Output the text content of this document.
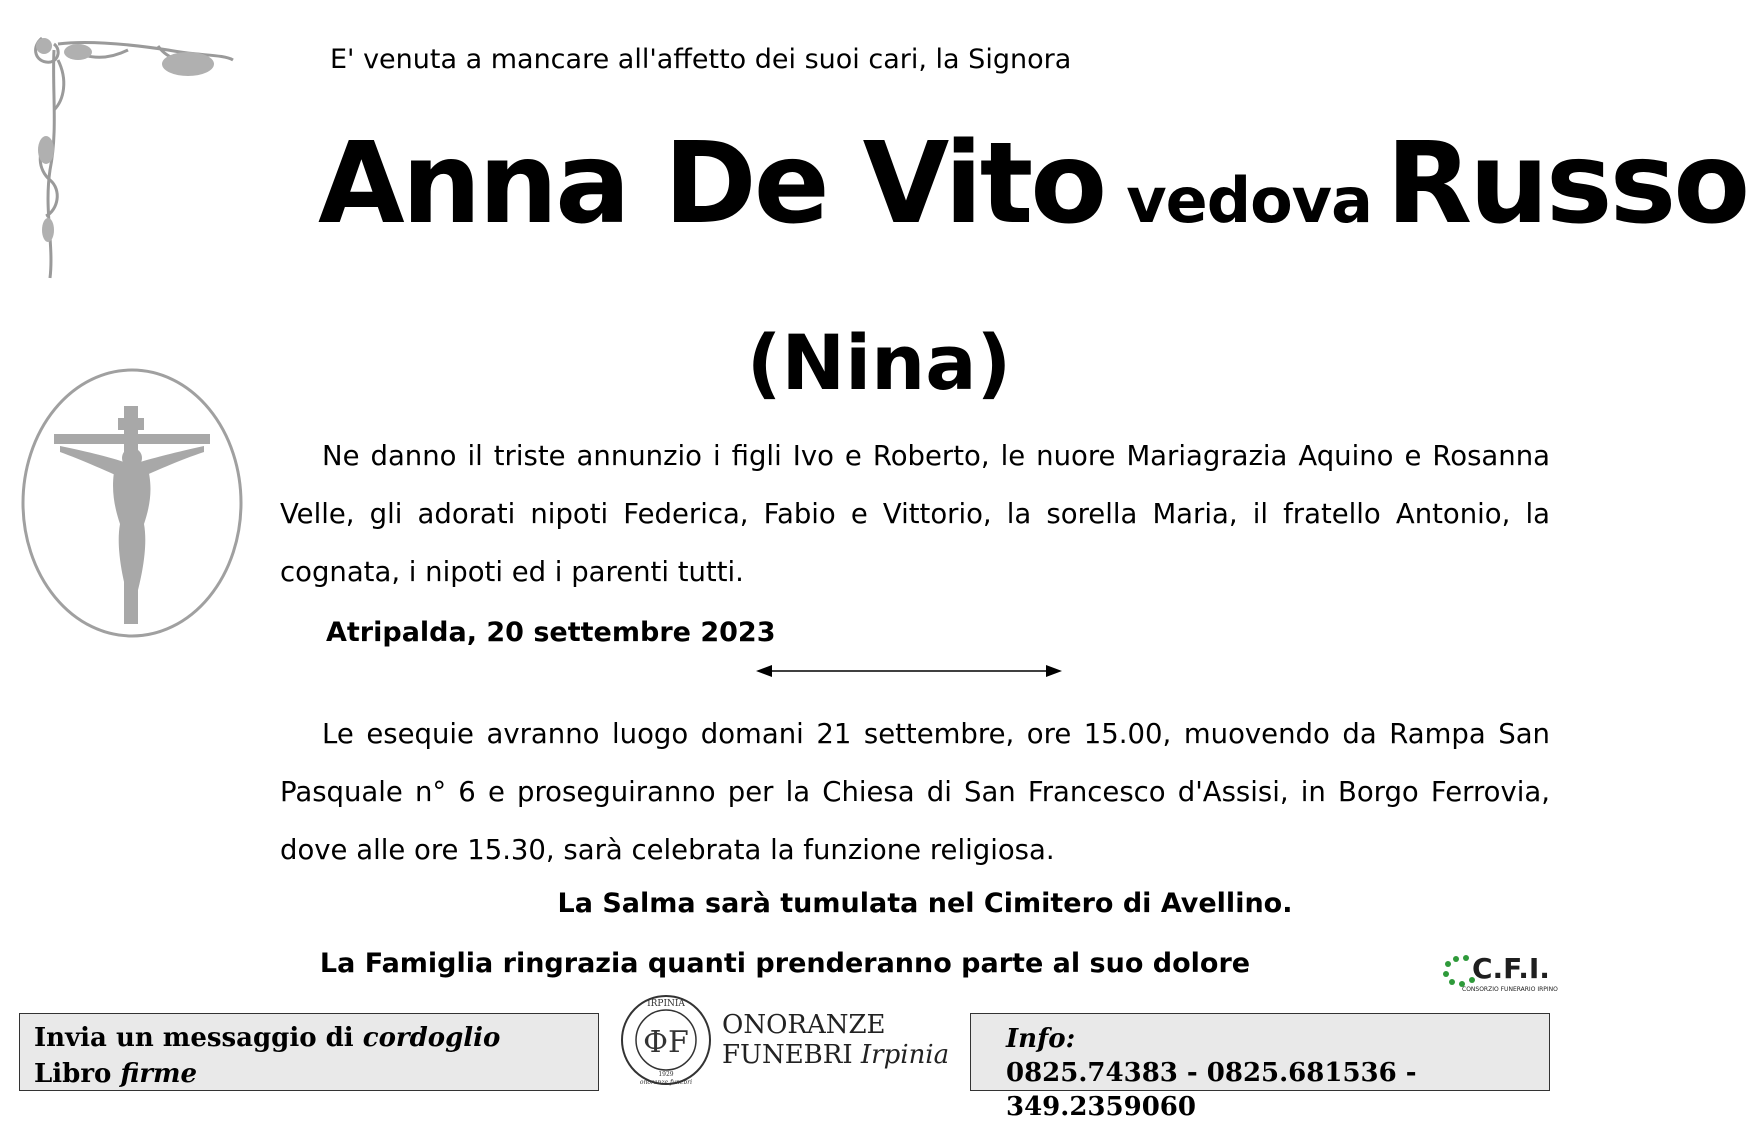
E' venuta a mancare all'affetto dei suoi cari, la Signora
Anna De Vito vedova Russo
(Nina)
Ne danno il triste annunzio i figli Ivo e Roberto, le nuore Mariagrazia Aquino e Rosanna Velle, gli adorati nipoti Federica, Fabio e Vittorio, la sorella Maria, il fratello Antonio, la cognata, i nipoti ed i parenti tutti.
Atripalda, 20 settembre 2023
Le esequie avranno luogo domani 21 settembre, ore 15.00, muovendo da Rampa San Pasquale n° 6 e proseguiranno per la Chiesa di San Francesco d'Assisi, in Borgo Ferrovia, dove alle ore 15.30, sarà celebrata la funzione religiosa.
La Salma sarà tumulata nel Cimitero di Avellino.
La Famiglia ringrazia quanti prenderanno parte al suo dolore	C.F.I.
CONSORZIO FUNERARIO IRPINO
Invia un messaggio di cordoglio
Libro firme
IRPINIA
ФF
1929
onoranze funebri
ONORANZE
FUNEBRI Irpinia
Info:
0825.74383 - 0825.681536 - 349.2359060
